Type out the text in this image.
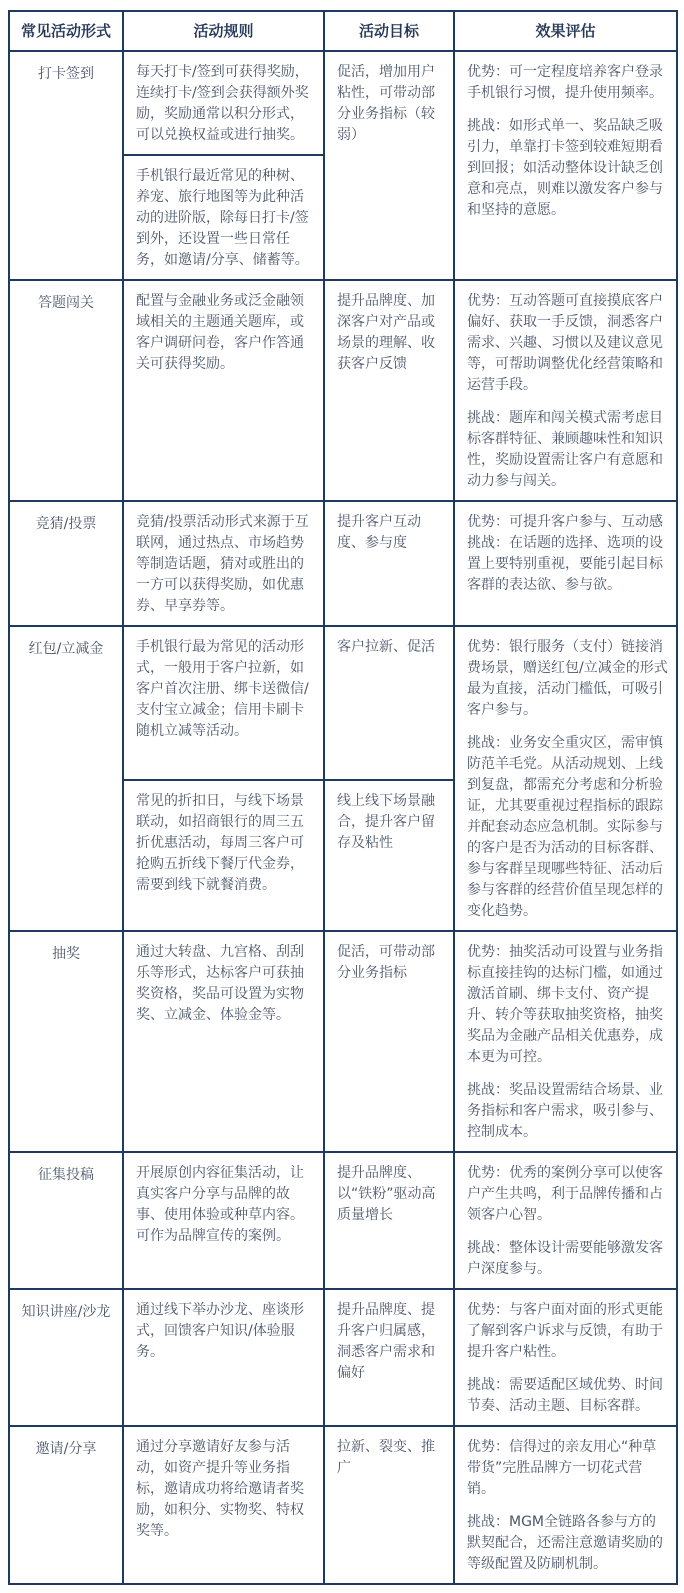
常见活动形式	活动规则	活动目标	效果评估
打卡签到	每天打卡/签到可获得奖励，连续打卡/签到会获得额外奖励，奖励通常以积分形式，可以兑换权益或进行抽奖。	促活，增加用户粘性，可带动部分业务指标（较弱）	优势：可一定程度培养客户登录手机银行习惯，提升使用频率。

挑战：如形式单一、奖品缺乏吸引力，单靠打卡签到较难短期看到回报；如活动整体设计缺乏创意和亮点，则难以激发客户参与和坚持的意愿。

	手机银行最近常见的种树、养宠、旅行地图等为此种活动的进阶版，除每日打卡/签到外，还设置一些日常任务，如邀请/分享、储蓄等。		
答题闯关	配置与金融业务或泛金融领域相关的主题通关题库，或客户调研问卷，客户作答通关可获得奖励。	提升品牌度、加深客户对产品或场景的理解、收获客户反馈	优势：互动答题可直接摸底客户偏好、获取一手反馈，洞悉客户需求、兴趣、习惯以及建议意见等，可帮助调整优化经营策略和运营手段。

挑战：题库和闯关模式需考虑目标客群特征、兼顾趣味性和知识性，奖励设置需让客户有意愿和动力参与闯关。

竞猜/投票	竞猜/投票活动形式来源于互联网，通过热点、市场趋势等制造话题，猜对或胜出的一方可以获得奖励，如优惠券、早享券等。	提升客户互动度、参与度	优势：可提升客户参与、互动感

挑战：在话题的选择、选项的设置上要特别重视，要能引起目标客群的表达欲、参与欲。

红包/立减金	手机银行最为常见的活动形式，一般用于客户拉新，如客户首次注册、绑卡送微信/支付宝立减金；信用卡刷卡随机立减等活动。	客户拉新、促活	优势：银行服务（支付）链接消费场景，赠送红包/立减金的形式最为直接，活动门槛低，可吸引客户参与。

挑战：业务安全重灾区，需审慎防范羊毛党。从活动规划、上线到复盘，都需充分考虑和分析验证，尤其要重视过程指标的跟踪并配套动态应急机制。实际参与的客户是否为活动的目标客群、参与客群呈现哪些特征、活动后参与客群的经营价值呈现怎样的变化趋势。

	常见的折扣日，与线下场景联动，如招商银行的周三五折优惠活动，每周三客户可抢购五折线下餐厅代金券，需要到线下就餐消费。	线上线下场景融合，提升客户留存及粘性	
抽奖	通过大转盘、九宫格、刮刮乐等形式，达标客户可获抽奖资格，奖品可设置为实物奖、立减金、体验金等。	促活，可带动部分业务指标	优势：抽奖活动可设置与业务指标直接挂钩的达标门槛，如通过激活首刷、绑卡支付、资产提升、转介等获取抽奖资格，抽奖奖品为金融产品相关优惠券，成本更为可控。

挑战：奖品设置需结合场景、业务指标和客户需求，吸引参与、控制成本。

征集投稿	开展原创内容征集活动，让真实客户分享与品牌的故事、使用体验或种草内容。可作为品牌宣传的案例。	提升品牌度、以“铁粉”驱动高质量增长	优势：优秀的案例分享可以使客户产生共鸣，利于品牌传播和占领客户心智。

挑战：整体设计需要能够激发客户深度参与。

知识讲座/沙龙	通过线下举办沙龙、座谈形式，回馈客户知识/体验服务。	提升品牌度、提升客户归属感，洞悉客户需求和偏好	优势：与客户面对面的形式更能了解到客户诉求与反馈，有助于提升客户粘性。

挑战：需要适配区域优势、时间节奏、活动主题、目标客群。

邀请/分享	通过分享邀请好友参与活动，如资产提升等业务指标，邀请成功将给邀请者奖励，如积分、实物奖、特权奖等。	拉新、裂变、推广	优势：信得过的亲友用心“种草带货”完胜品牌方一切花式营销。

挑战：MGM全链路各参与方的默契配合，还需注意邀请奖励的等级配置及防刷机制。
